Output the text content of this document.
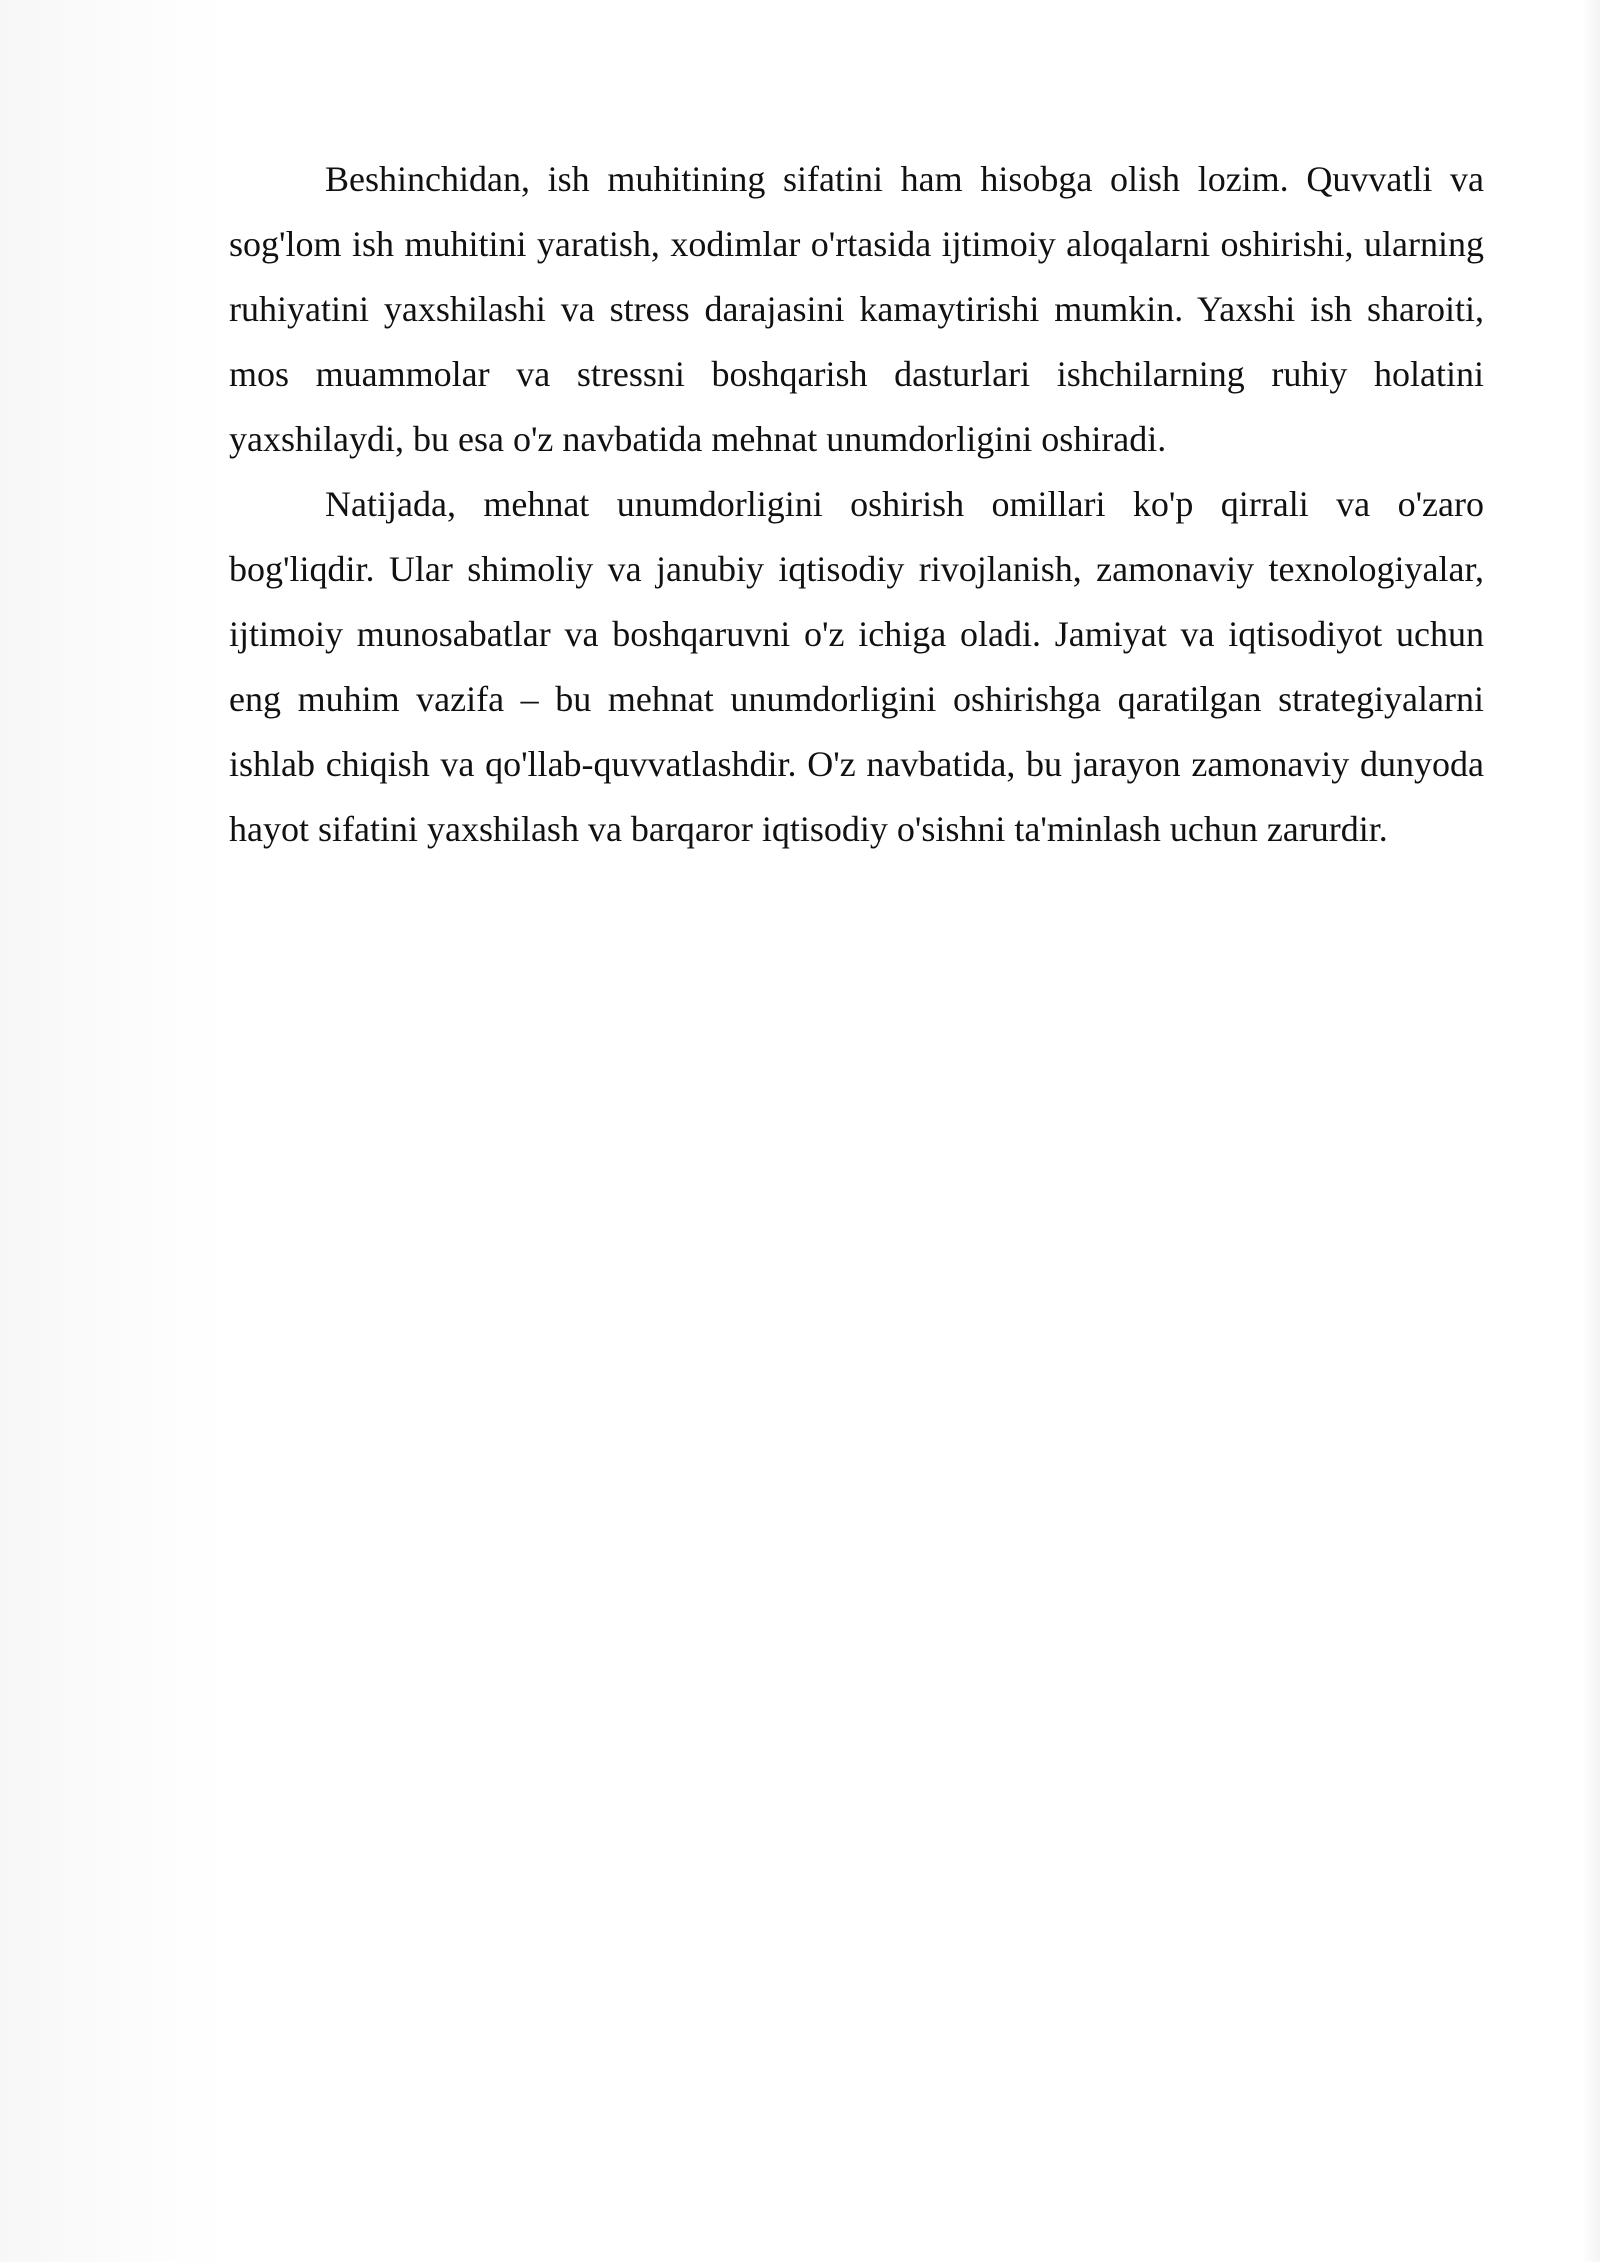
Beshinchidan, ish muhitining sifatini ham hisobga olish lozim. Quvvatli va sog'lom ish muhitini yaratish, xodimlar o'rtasida ijtimoiy aloqalarni oshirishi, ularning ruhiyatini yaxshilashi va stress darajasini kamaytirishi mumkin. Yaxshi ish sharoiti, mos muammolar va stressni boshqarish dasturlari ishchilarning ruhiy holatini yaxshilaydi, bu esa o'z navbatida mehnat unumdorligini oshiradi.

Natijada, mehnat unumdorligini oshirish omillari ko'p qirrali va o'zaro bog'liqdir. Ular shimoliy va janubiy iqtisodiy rivojlanish, zamonaviy texnologiyalar, ijtimoiy munosabatlar va boshqaruvni o'z ichiga oladi. Jamiyat va iqtisodiyot uchun eng muhim vazifa – bu mehnat unumdorligini oshirishga qaratilgan strategiyalarni ishlab chiqish va qo'llab-quvvatlashdir. O'z navbatida, bu jarayon zamonaviy dunyoda hayot sifatini yaxshilash va barqaror iqtisodiy o'sishni ta'minlash uchun zarurdir.
